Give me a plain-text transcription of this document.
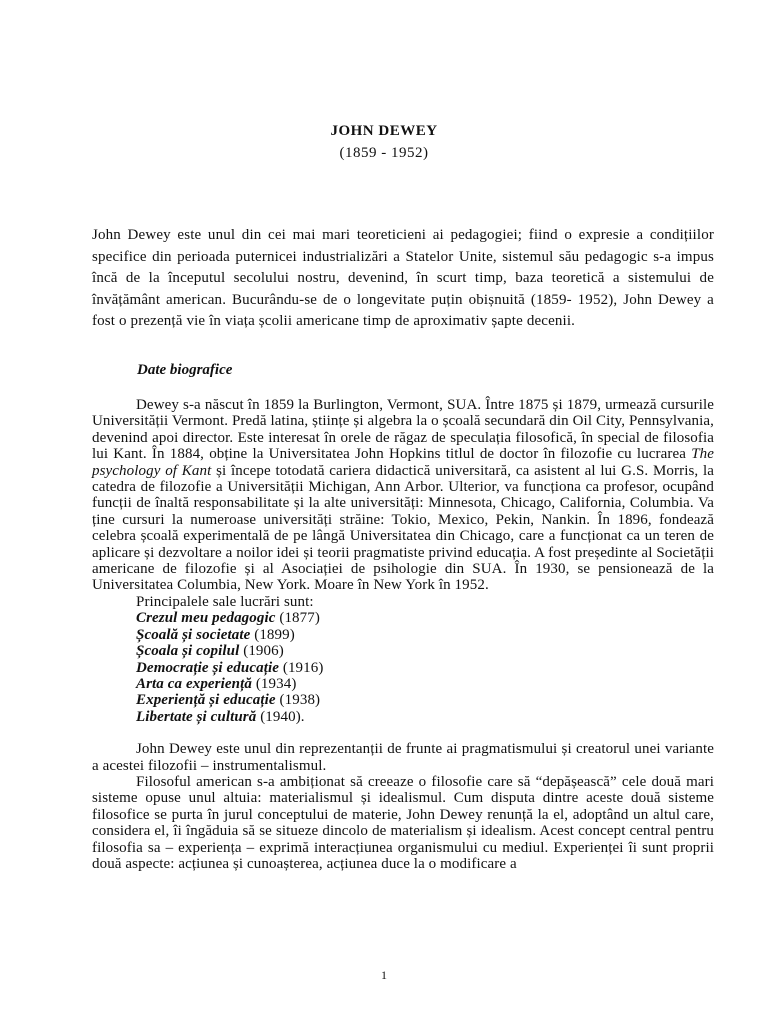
JOHN DEWEY
(1859 - 1952)

John Dewey este unul din cei mai mari teoreticieni ai pedagogiei; fiind o expresie a condițiilor specifice din perioada puternicei industrializări a Statelor Unite, sistemul său pedagogic s-a impus încă de la începutul secolului nostru, devenind, în scurt timp, baza teoretică a sistemului de învățământ american. Bucurându-se de o longevitate puțin obișnuită (1859- 1952), John Dewey a fost o prezență vie în viața școlii americane timp de aproximativ șapte decenii.

Date biografice

Dewey s-a născut în 1859 la Burlington, Vermont, SUA. Între 1875 și 1879, urmează cursurile Universității Vermont. Predă latina, științe și algebra la o școală secundară din Oil City, Pennsylvania, devenind apoi director. Este interesat în orele de răgaz de speculația filosofică, în special de filosofia lui Kant. În 1884, obține la Universitatea John Hopkins titlul de doctor în filozofie cu lucrarea The psychology of Kant și începe totodată cariera didactică universitară, ca asistent al lui G.S. Morris, la catedra de filozofie a Universității Michigan, Ann Arbor. Ulterior, va funcționa ca profesor, ocupând funcții de înaltă responsabilitate și la alte universități: Minnesota, Chicago, California, Columbia. Va ține cursuri la numeroase universități străine: Tokio, Mexico, Pekin, Nankin. În 1896, fondează celebra școală experimentală de pe lângă Universitatea din Chicago, care a funcționat ca un teren de aplicare și dezvoltare a noilor idei și teorii pragmatiste privind educația. A fost președinte al Societății americane de filozofie și al Asociației de psihologie din SUA. În 1930, se pensionează de la Universitatea Columbia, New York. Moare în New York în 1952.

Principalele sale lucrări sunt:
Crezul meu pedagogic (1877)
Școală și societate (1899)
Școala și copilul (1906)
Democrație și educație (1916)
Arta ca experiență (1934)
Experiență și educație (1938)
Libertate și cultură (1940).

John Dewey este unul din reprezentanții de frunte ai pragmatismului și creatorul unei variante a acestei filozofii – instrumentalismul.

Filosoful american s-a ambiționat să creeaze o filosofie care să “depășească” cele două mari sisteme opuse unul altuia: materialismul și idealismul. Cum disputa dintre aceste două sisteme filosofice se purta în jurul conceptului de materie, John Dewey renunță la el, adoptând un altul care, considera el, îi îngăduia să se situeze dincolo de materialism și idealism. Acest concept central pentru filosofia sa – experiența – exprimă interacțiunea organismului cu mediul. Experienței îi sunt proprii două aspecte: acțiunea și cunoașterea, acțiunea duce la o modificare a

1
